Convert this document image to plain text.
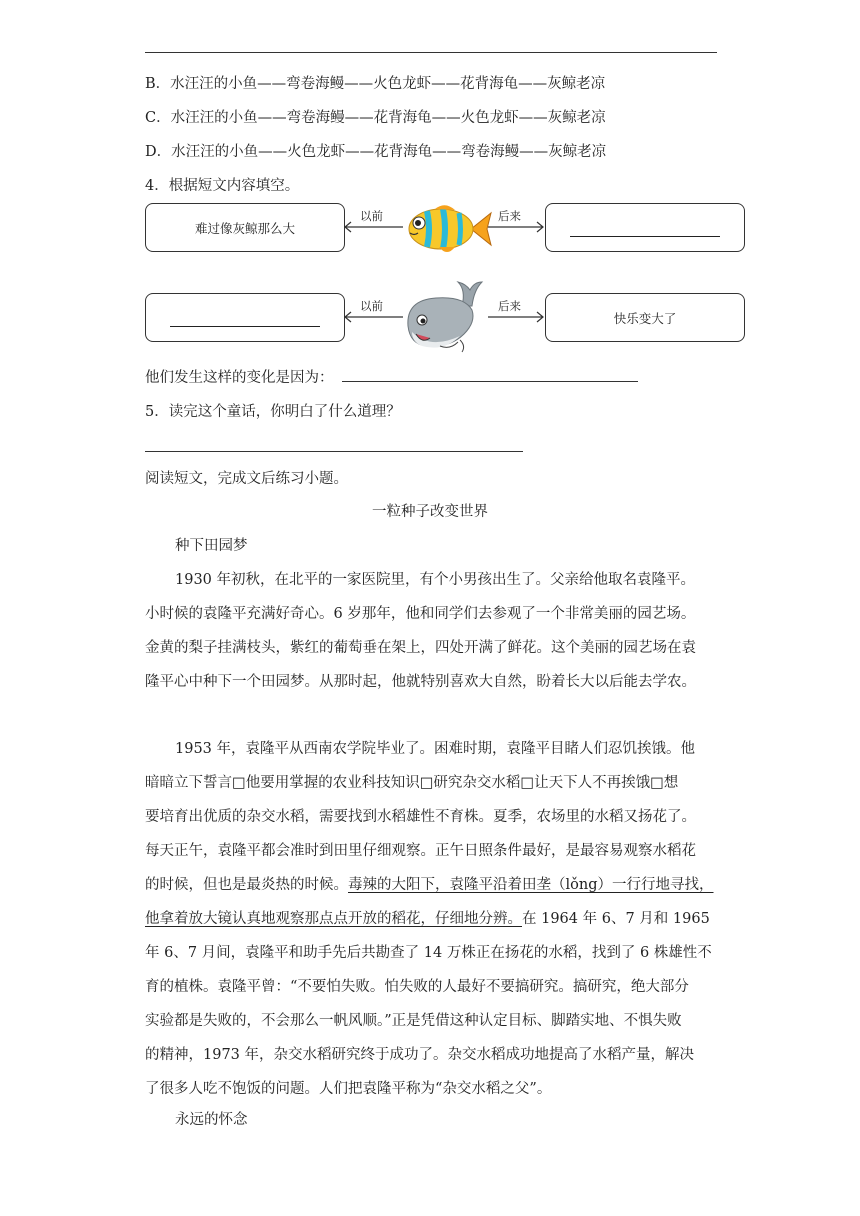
B．水汪汪的小鱼——弯卷海鳗——火色龙虾——花背海龟——灰鲸老凉
C．水汪汪的小鱼——弯卷海鳗——花背海龟——火色龙虾——灰鲸老凉
D．水汪汪的小鱼——火色龙虾——花背海龟——弯卷海鳗——灰鲸老凉
4．根据短文内容填空。
难过像灰鲸那么大
以前	后来
以前	后来
快乐变大了
他们发生这样的变化是因为：
5．读完这个童话，你明白了什么道理？
阅读短文，完成文后练习小题。
一粒种子改变世界
种下田园梦
1930 年初秋，在北平的一家医院里，有个小男孩出生了。父亲给他取名袁隆平。
小时候的袁隆平充满好奇心。6 岁那年，他和同学们去参观了一个非常美丽的园艺场。
金黄的梨子挂满枝头，紫红的葡萄垂在架上，四处开满了鲜花。这个美丽的园艺场在袁
隆平心中种下一个田园梦。从那时起，他就特别喜欢大自然，盼着长大以后能去学农。
1953 年，袁隆平从西南农学院毕业了。困难时期，袁隆平目睹人们忍饥挨饿。他
暗暗立下誓言□他要用掌握的农业科技知识□研究杂交水稻□让天下人不再挨饿□想
要培育出优质的杂交水稻，需要找到水稻雄性不育株。夏季，农场里的水稻又扬花了。
每天正午，袁隆平都会准时到田里仔细观察。正午日照条件最好，是最容易观察水稻花
的时候，但也是最炎热的时候。毒辣的大阳下，袁隆平沿着田垄（lǒng）一行行地寻找，
他拿着放大镜认真地观察那点点开放的稻花，仔细地分辨。在 1964 年 6、7 月和 1965
年 6、7 月间，袁隆平和助手先后共勘查了 14 万株正在扬花的水稻，找到了 6 株雄性不
育的植株。袁隆平曾：“不要怕失败。怕失败的人最好不要搞研究。搞研究，绝大部分
实验都是失败的，不会那么一帆风顺。”正是凭借这种认定目标、脚踏实地、不惧失败
的精神，1973 年，杂交水稻研究终于成功了。杂交水稻成功地提高了水稻产量，解决
了很多人吃不饱饭的问题。人们把袁隆平称为“杂交水稻之父”。
永远的怀念
